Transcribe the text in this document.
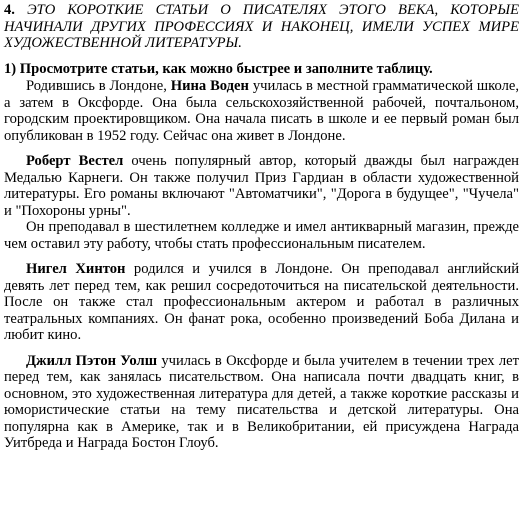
4. ЭТО КОРОТКИЕ СТАТЬИ О ПИСАТЕЛЯХ ЭТОГО ВЕКА, КОТОРЫЕ НАЧИНАЛИ ДРУГИХ ПРОФЕССИЯХ И НАКОНЕЦ, ИМЕЛИ УСПЕХ МИРЕ ХУДОЖЕСТВЕННОЙ ЛИТЕРАТУРЫ.

1) Просмотрите статьи, как можно быстрее и заполните таблицу.

Родившись в Лондоне, Нина Воден училась в местной грамматической школе, а затем в Оксфорде. Она была сельскохозяйственной рабочей, почтальоном, городским проектировщиком. Она начала писать в школе и ее первый роман был опубликован в 1952 году. Сейчас она живет в Лондоне.

Роберт Вестел очень популярный автор, который дважды был награжден Медалью Карнеги. Он также получил Приз Гардиан в области художественной литературы. Его романы включают "Автоматчики", "Дорога в будущее", "Чучела" и "Похороны урны".

Он преподавал в шестилетнем колледже и имел антикварный магазин, прежде чем оставил эту работу, чтобы стать профессиональным писателем.

Нигел Хинтон родился и учился в Лондоне. Он преподавал английский девять лет перед тем, как решил сосредоточиться на писательской деятельности. После он также стал профессиональным актером и работал в различных театральных компаниях. Он фанат рока, особенно произведений Боба Дилана и любит кино.

Джилл Пэтон Уолш училась в Оксфорде и была учителем в течении трех лет перед тем, как занялась писательством. Она написала почти двадцать книг, в основном, это художественная литература для детей, а также короткие рассказы и юмористические статьи на тему писательства и детской литературы. Она популярна как в Америке, так и в Великобритании, ей присуждена Награда Уитбреда и Награда Бостон Глоуб.
